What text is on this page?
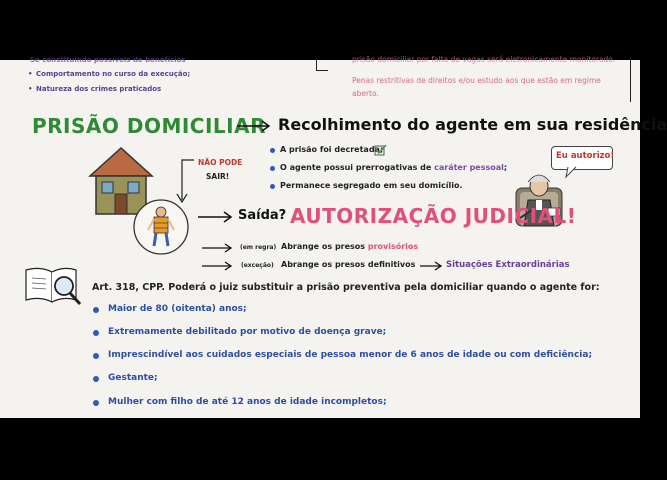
Se constituindo possíveis de benefícios
Comportamento no curso da execução;
Natureza dos crimes praticados
•
•
prisão domiciliar por falta de vagas será eletronicamente monitorado.
Penas restritivas de direitos e/ou estudo aos que estão em regime
aberto.
PRISÃO DOMICILIAR Recolhimento do agente em sua residência
A prisão foi decretada;
O agente possui prerrogativas de caráter pessoal;
Permanece segregado em seu domicílio.
Eu autorizo!
NÃO PODE
SAIR!
Saída? AUTORIZAÇÃO JUDICIAL!
(em regra) Abrange os presos provisórios
(exceção) Abrange os presos definitivos	Situações Extraordinárias
Art. 318, CPP. Poderá o juiz substituir a prisão preventiva pela domiciliar quando o agente for:
Maior de 80 (oitenta) anos;
Extremamente debilitado por motivo de doença grave;
Imprescindível aos cuidados especiais de pessoa menor de 6 anos de idade ou com deficiência;
Gestante;
Mulher com filho de até 12 anos de idade incompletos;
